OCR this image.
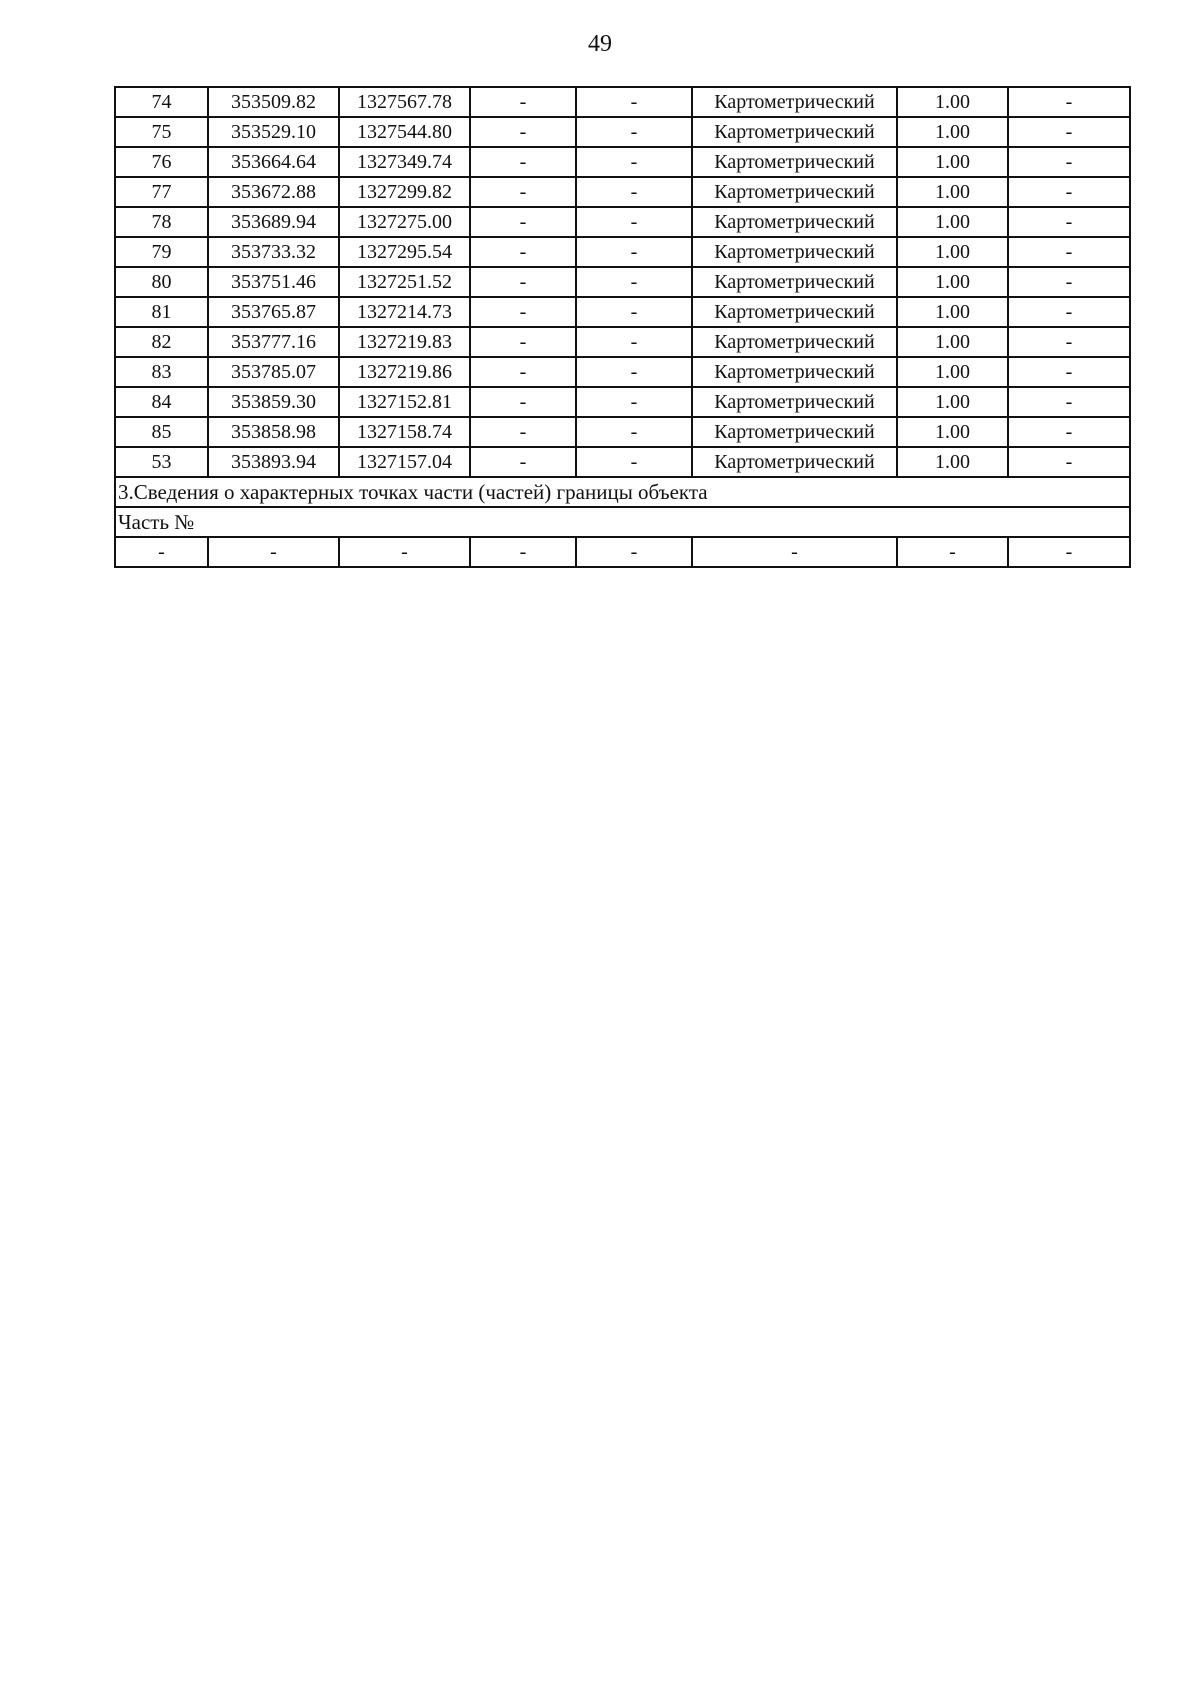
49
74	353509.82	1327567.78	-	-	Картометрический	1.00	-
75	353529.10	1327544.80	-	-	Картометрический	1.00	-
76	353664.64	1327349.74	-	-	Картометрический	1.00	-
77	353672.88	1327299.82	-	-	Картометрический	1.00	-
78	353689.94	1327275.00	-	-	Картометрический	1.00	-
79	353733.32	1327295.54	-	-	Картометрический	1.00	-
80	353751.46	1327251.52	-	-	Картометрический	1.00	-
81	353765.87	1327214.73	-	-	Картометрический	1.00	-
82	353777.16	1327219.83	-	-	Картометрический	1.00	-
83	353785.07	1327219.86	-	-	Картометрический	1.00	-
84	353859.30	1327152.81	-	-	Картометрический	1.00	-
85	353858.98	1327158.74	-	-	Картометрический	1.00	-
53	353893.94	1327157.04	-	-	Картометрический	1.00	-
3.Сведения о характерных точках части (частей) границы объекта							
Часть №							
-	-	-	-	-	-	-	-
